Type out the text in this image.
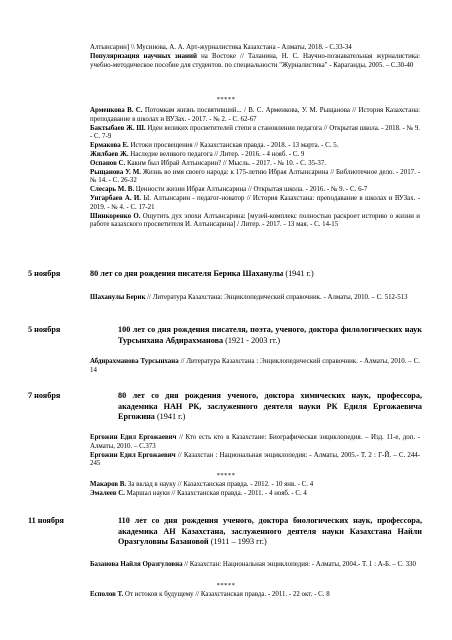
Алтынсарин] \\ Мусинова, А. А. Арт-журналистика Казахстана - Алматы, 2018. - С.33-34

Популяризация научных знаний на Востоке // Таланина, Н. С. Научно-познавательная журналистика: учебно-методическое пособие для студентов. по специальности "Журналистика" - Караганды, 2005. – С.30-40

*****

Арменкова В. С. Потомкам жизнь посвятивший... / В. С. Арменкова, У. М. Рыщанова // История Казахстана: преподавание в школах и ВУЗах. - 2017. - № 2. - С. 62-67

Бактыбаев Ж. Ш. Идеи великих просветителей степи в становлении педагога // Открытая школа. - 2018. - № 9. - С. 7-9

Ермакова Е. Истоки просвещения // Казахстанская правда. - 2018. - 13 марта. - С. 5.

Жилбаев Ж. Наследие великого педагога // Литер. - 2016. - 4 нояб. - С. 9

Оспанов С. Каким был Ибрай Алтынсарин? // Мысль. - 2017. - № 10. - С. 35-37.

Рыщанова У. М. Жизнь во имя своего народа: к 175-летию Ибрая Алтынсарина // Библиотечное дело. - 2017. - № 14. - С. 26-32

Слесарь М. В. Ценности жизни Ибрая Алтынсарина // Открытая школа. - 2016. - № 9. - С. 6-7

Унгарбаев А. И. Ы. Алтынсарин - педагог-новатор // История Казахстана: преподавание в школах и ВУЗах. - 2019. - № 4. - С. 17-21

Шинкоренко О. Ощутить дух эпохи Алтынсарина: [музей-комплекс полностью раскроет историю о жизни и работе казахского просветителя И. Алтынсарина] / Литер. - 2017. - 13 мая. - С. 14-15

5 ноября	80 лет со дня рождения писателя Берика Шаханулы (1941 г.)

Шаханулы Берик // Литература Казахстана: Энциклопедический справочник. - Алматы, 2010. – С. 512-513

5 ноября	100 лет со дня рождения писателя, поэта, ученого, доктора филологических наук Турсынхана Абдирахманова (1921 - 2003 гг.)

Абдирахманова Турсынхана // Литература Казахстана : Энциклопедический справочник. - Алматы, 2010. – С. 14

7 ноября	80 лет со дня рождения ученого, доктора химических наук, профессора, академика НАН РК, заслуженного деятеля науки РК Едиля Ергожаевича Ергожина (1941 г.)

Ергожин Едил Ергожаевич // Кто есть кто в Казахстане: Биографическая энциклопедия. – Изд. 11-е, доп. - Алматы, 2010. – С.373

Ергожин Едил Ергожаевич // Казахстан : Национальная энциклопедия: - Алматы, 2005.- Т. 2 : Г-Й. – С. 244-245

*****

Макаров В. За вклад в науку // Казахстанская правда. - 2012. - 10 янв. - С. 4

Эмалеев С. Маршал науки // Казахстанская правда. - 2011. - 4 нояб. - С. 4

11 ноября	110 лет со дня рождения ученого, доктора биологических наук, профессора, академика АН Казахстана, заслуженного деятеля науки Казахстана Найли Оразгуловны Базановой (1911 – 1993 гг.)

Базанова Найля Оразгуловна // Казахстан: Национальная энциклопедия: - Алматы, 2004.- Т. 1 : А-Б. – С. 330

*****

Есполов Т. От истоков к будущему // Казахстанская правда. - 2011. - 22 окт. - С. 8
